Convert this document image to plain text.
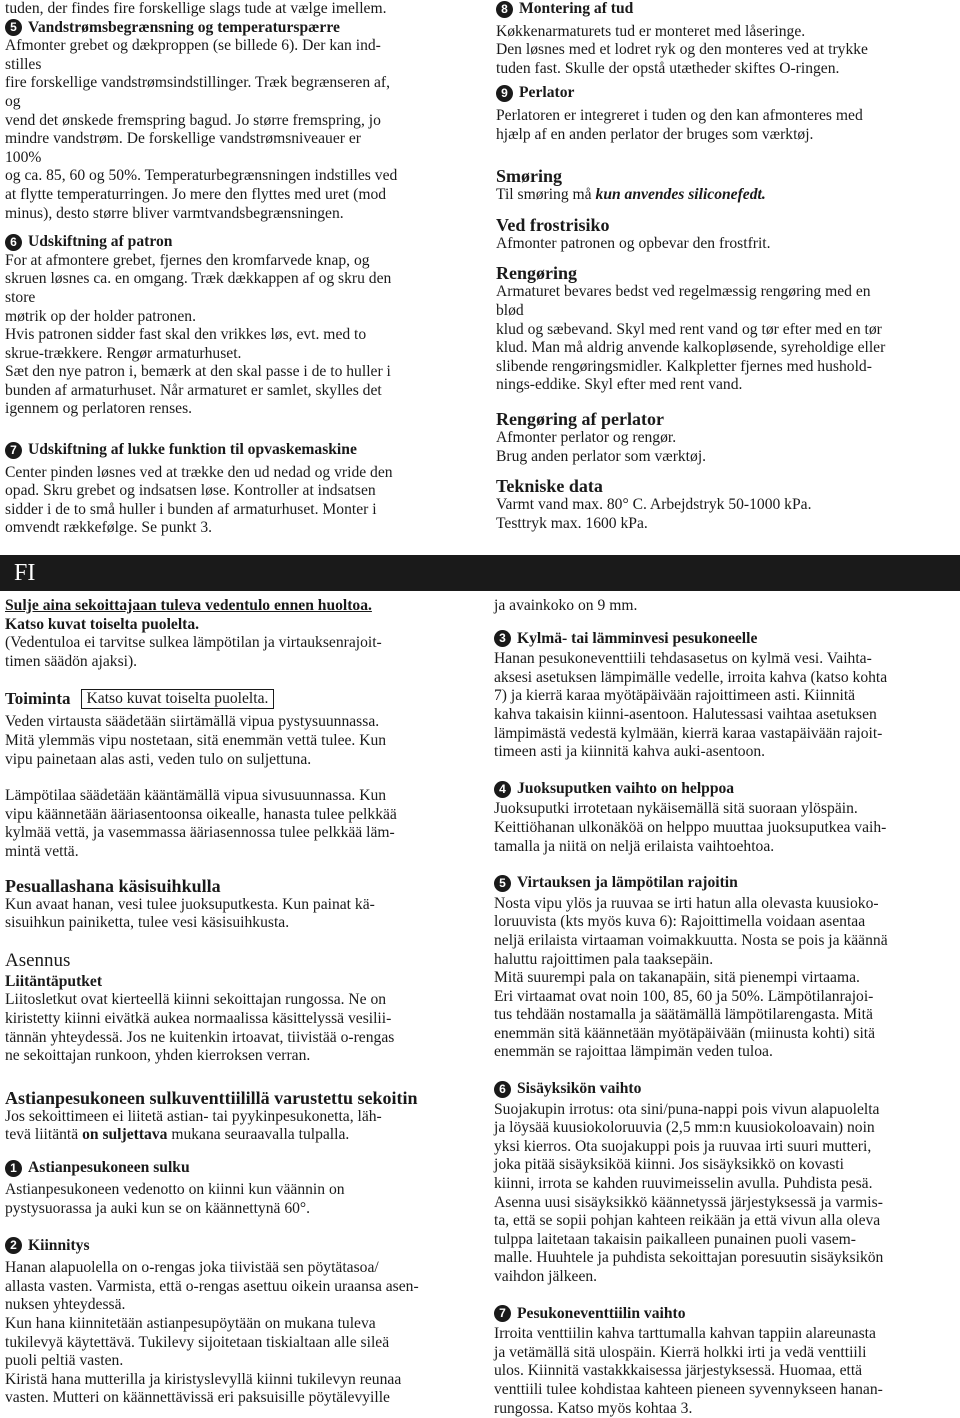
tuden, der findes fire forskellige slags tude at vælge imellem.

5 Vandstrømsbegrænsning og temperaturspærre

Afmonter grebet og dækproppen (se billede 6). Der kan ind-

stilles

fire forskellige vandstrømsindstillinger. Træk begrænseren af,

og

vend det ønskede fremspring bagud. Jo større fremspring, jo

mindre vandstrøm. De forskellige vandstrømsniveauer er

100%

og ca. 85, 60 og 50%. Temperaturbegrænsningen indstilles ved

at flytte temperaturringen. Jo mere den flyttes med uret (mod

minus), desto større bliver varmtvandsbegrænsningen.

6 Udskiftning af patron

For at afmontere grebet, fjernes den kromfarvede knap, og

skruen løsnes ca. en omgang. Træk dækkappen af og skru den

store

møtrik op der holder patronen.

Hvis patronen sidder fast skal den vrikkes løs, evt. med to

skrue-trækkere. Rengør armaturhuset.

Sæt den nye patron i, bemærk at den skal passe i de to huller i

bunden af armaturhuset. Når armaturet er samlet, skylles det

igennem og perlatoren renses.

7 Udskiftning af lukke funktion til opvaskemaskine

Center pinden løsnes ved at trække den ud nedad og vride den

opad. Skru grebet og indsatsen løse. Kontroller at indsatsen

sidder i de to små huller i bunden af armaturhuset. Monter i

omvendt rækkefølge. Se punkt 3.

8 Montering af tud

Køkkenarmaturets tud er monteret med låseringe.

Den løsnes med et lodret ryk og den monteres ved at trykke

tuden fast. Skulle der opstå utætheder skiftes O-ringen.

9 Perlator

Perlatoren er integreret i tuden og den kan afmonteres med

hjælp af en anden perlator der bruges som værktøj.

Smøring

Til smøring må kun anvendes siliconefedt.

Ved frostrisiko

Afmonter patronen og opbevar den frostfrit.

Rengøring

Armaturet bevares bedst ved regelmæssig rengøring med en

blød

klud og sæbevand. Skyl med rent vand og tør efter med en tør

klud. Man må aldrig anvende kalkopløsende, syreholdige eller

slibende rengøringsmidler. Kalkpletter fjernes med hushold-

nings-eddike. Skyl efter med rent vand.

Rengøring af perlator

Afmonter perlator og rengør.

Brug anden perlator som værktøj.

Tekniske data

Varmt vand max. 80° C. Arbejdstryk 50-1000 kPa.

Testtryk max. 1600 kPa.

FI

Sulje aina sekoittajaan tuleva vedentulo ennen huoltoa.

Katso kuvat toiselta puolelta.

(Vedentuloa ei tarvitse sulkea lämpötilan ja virtauksenrajoit-

timen säädön ajaksi).

Toiminta	Katso kuvat toiselta puolelta.

Veden virtausta säädetään siirtämällä vipua pystysuunnassa.

Mitä ylemmäs vipu nostetaan, sitä enemmän vettä tulee. Kun

vipu painetaan alas asti, veden tulo on suljettuna.

Lämpötilaa säädetään kääntämällä vipua sivusuunnassa. Kun

vipu käännetään ääriasentoonsa oikealle, hanasta tulee pelkkää

kylmää vettä, ja vasemmassa ääriasennossa tulee pelkkää läm-

mintä vettä.

Pesuallashana käsisuihkulla

Kun avaat hanan, vesi tulee juoksuputkesta. Kun painat kä-

sisuihkun painiketta, tulee vesi käsisuihkusta.

Asennus

Liitäntäputket

Liitosletkut ovat kierteellä kiinni sekoittajan rungossa. Ne on

kiristetty kiinni eivätkä aukea normaalissa käsittelyssä vesilii-

tännän yhteydessä. Jos ne kuitenkin irtoavat, tiivistää o-rengas

ne sekoittajan runkoon, yhden kierroksen verran.

Astianpesukoneen sulkuventtiilillä varustettu sekoitin

Jos sekoittimeen ei liitetä astian- tai pyykinpesukonetta, läh-

tevä liitäntä on suljettava mukana seuraavalla tulpalla.

1 Astianpesukoneen sulku

Astianpesukoneen vedenotto on kiinni kun väännin on

pystysuorassa ja auki kun se on käännettynä 60°.

2 Kiinnitys

Hanan alapuolella on o-rengas joka tiivistää sen pöytätasoa/

allasta vasten. Varmista, että o-rengas asettuu oikein uraansa asen-

nuksen yhteydessä.

Kun hana kiinnitetään astianpesupöytään on mukana tuleva

tukilevyä käytettävä. Tukilevy sijoitetaan tiskialtaan alle sileä

puoli peltiä vasten.

Kiristä hana mutterilla ja kiristyslevyllä kiinni tukilevyn reunaa

vasten. Mutteri on käännettävissä eri paksuisille pöytälevyille

ja avainkoko on 9 mm.

3 Kylmä- tai lämminvesi pesukoneelle

Hanan pesukoneventtiili tehdasasetus on kylmä vesi. Vaihta-

aksesi asetuksen lämpimälle vedelle, irroita kahva (katso kohta

7) ja kierrä karaa myötäpäivään rajoittimeen asti. Kiinnitä

kahva takaisin kiinni-asentoon. Halutessasi vaihtaa asetuksen

lämpimästä vedestä kylmään, kierrä karaa vastapäivään rajoit-

timeen asti ja kiinnitä kahva auki-asentoon.

4 Juoksuputken vaihto on helppoa

Juoksuputki irrotetaan nykäisemällä sitä suoraan ylöspäin.

Keittiöhanan ulkonäköä on helppo muuttaa juoksuputkea vaih-

tamalla ja niitä on neljä erilaista vaihtoehtoa.

5 Virtauksen ja lämpötilan rajoitin

Nosta vipu ylös ja ruuvaa se irti hatun alla olevasta kuusioko-

loruuvista (kts myös kuva 6): Rajoittimella voidaan asentaa

neljä erilaista virtaaman voimakkuutta. Nosta se pois ja käännä

haluttu rajoittimen pala taaksepäin.

Mitä suurempi pala on takanapäin, sitä pienempi virtaama.

Eri virtaamat ovat noin 100, 85, 60 ja 50%. Lämpötilanrajoi-

tus tehdään nostamalla ja säätämällä lämpötilarengasta. Mitä

enemmän sitä käännetään myötäpäivään (miinusta kohti) sitä

enemmän se rajoittaa lämpimän veden tuloa.

6 Sisäyksikön vaihto

Suojakupin irrotus: ota sini/puna-nappi pois vivun alapuolelta

ja löysää kuusiokoloruuvia (2,5 mm:n kuusiokoloavain) noin

yksi kierros. Ota suojakuppi pois ja ruuvaa irti suuri mutteri,

joka pitää sisäyksiköä kiinni. Jos sisäyksikkö on kovasti

kiinni, irrota se kahden ruuvimeisselin avulla. Puhdista pesä.

Asenna uusi sisäyksikkö käännetyssä järjestyksessä ja varmis-

ta, että se sopii pohjan kahteen reikään ja että vivun alla oleva

tulppa laitetaan takaisin paikalleen punainen puoli vasem-

malle. Huuhtele ja puhdista sekoittajan poresuutin sisäyksikön

vaihdon jälkeen.

7 Pesukoneventtiilin vaihto

Irroita venttiilin kahva tarttumalla kahvan tappiin alareunasta

ja vetämällä sitä ulospäin. Kierrä holkki irti ja vedä venttiili

ulos. Kiinnitä vastakkkaisessa järjestyksessä. Huomaa, että

venttiili tulee kohdistaa kahteen pieneen syvennykseen hanan-

rungossa. Katso myös kohtaa 3.
